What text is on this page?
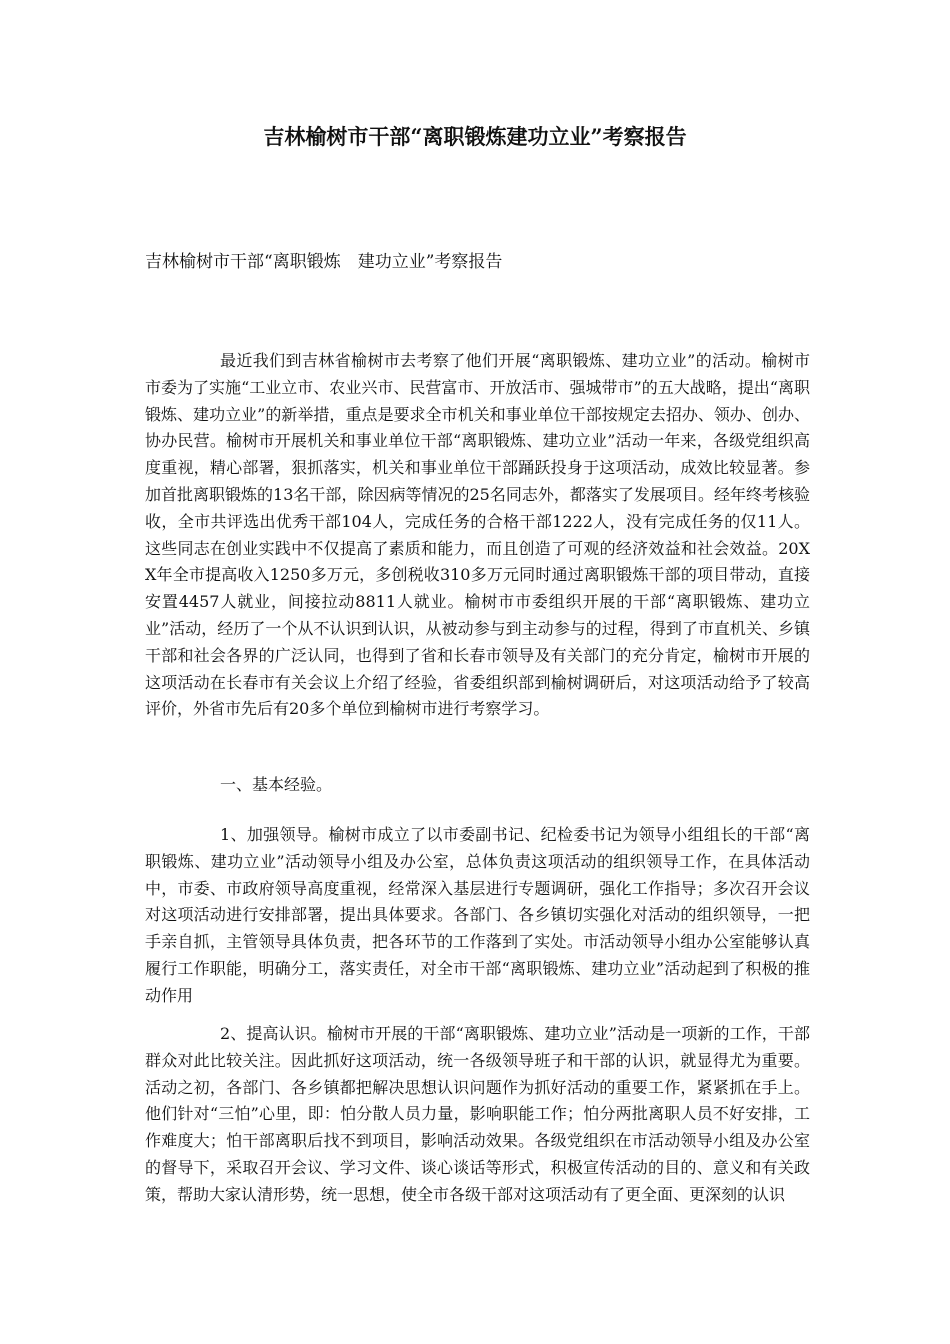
吉林榆树市干部“离职锻炼建功立业”考察报告

吉林榆树市干部“离职锻炼　建功立业”考察报告

最近我们到吉林省榆树市去考察了他们开展“离职锻炼、建功立业”的活动。榆树市市委为了实施“工业立市、农业兴市、民营富市、开放活市、强城带市”的五大战略，提出“离职锻炼、建功立业”的新举措，重点是要求全市机关和事业单位干部按规定去招办、领办、创办、协办民营。榆树市开展机关和事业单位干部“离职锻炼、建功立业”活动一年来，各级党组织高度重视，精心部署，狠抓落实，机关和事业单位干部踊跃投身于这项活动，成效比较显著。参加首批离职锻炼的13名干部，除因病等情况的25名同志外，都落实了发展项目。经年终考核验收，全市共评选出优秀干部104人，完成任务的合格干部1222人，没有完成任务的仅11人。这些同志在创业实践中不仅提高了素质和能力，而且创造了可观的经济效益和社会效益。20XX年全市提高收入1250多万元，多创税收310多万元同时通过离职锻炼干部的项目带动，直接安置4457人就业，间接拉动8811人就业。榆树市市委组织开展的干部“离职锻炼、建功立业”活动，经历了一个从不认识到认识，从被动参与到主动参与的过程，得到了市直机关、乡镇干部和社会各界的广泛认同，也得到了省和长春市领导及有关部门的充分肯定，榆树市开展的这项活动在长春市有关会议上介绍了经验，省委组织部到榆树调研后，对这项活动给予了较高评价，外省市先后有20多个单位到榆树市进行考察学习。

一、基本经验。

1、加强领导。榆树市成立了以市委副书记、纪检委书记为领导小组组长的干部“离职锻炼、建功立业”活动领导小组及办公室，总体负责这项活动的组织领导工作，在具体活动中，市委、市政府领导高度重视，经常深入基层进行专题调研，强化工作指导；多次召开会议对这项活动进行安排部署，提出具体要求。各部门、各乡镇切实强化对活动的组织领导，一把手亲自抓，主管领导具体负责，把各环节的工作落到了实处。市活动领导小组办公室能够认真履行工作职能，明确分工，落实责任，对全市干部“离职锻炼、建功立业”活动起到了积极的推动作用

2、提高认识。榆树市开展的干部“离职锻炼、建功立业”活动是一项新的工作，干部群众对此比较关注。因此抓好这项活动，统一各级领导班子和干部的认识，就显得尤为重要。活动之初，各部门、各乡镇都把解决思想认识问题作为抓好活动的重要工作，紧紧抓在手上。他们针对“三怕”心里，即：怕分散人员力量，影响职能工作；怕分两批离职人员不好安排，工作难度大；怕干部离职后找不到项目，影响活动效果。各级党组织在市活动领导小组及办公室的督导下，采取召开会议、学习文件、谈心谈话等形式，积极宣传活动的目的、意义和有关政策，帮助大家认清形势，统一思想，使全市各级干部对这项活动有了更全面、更深刻的认识
